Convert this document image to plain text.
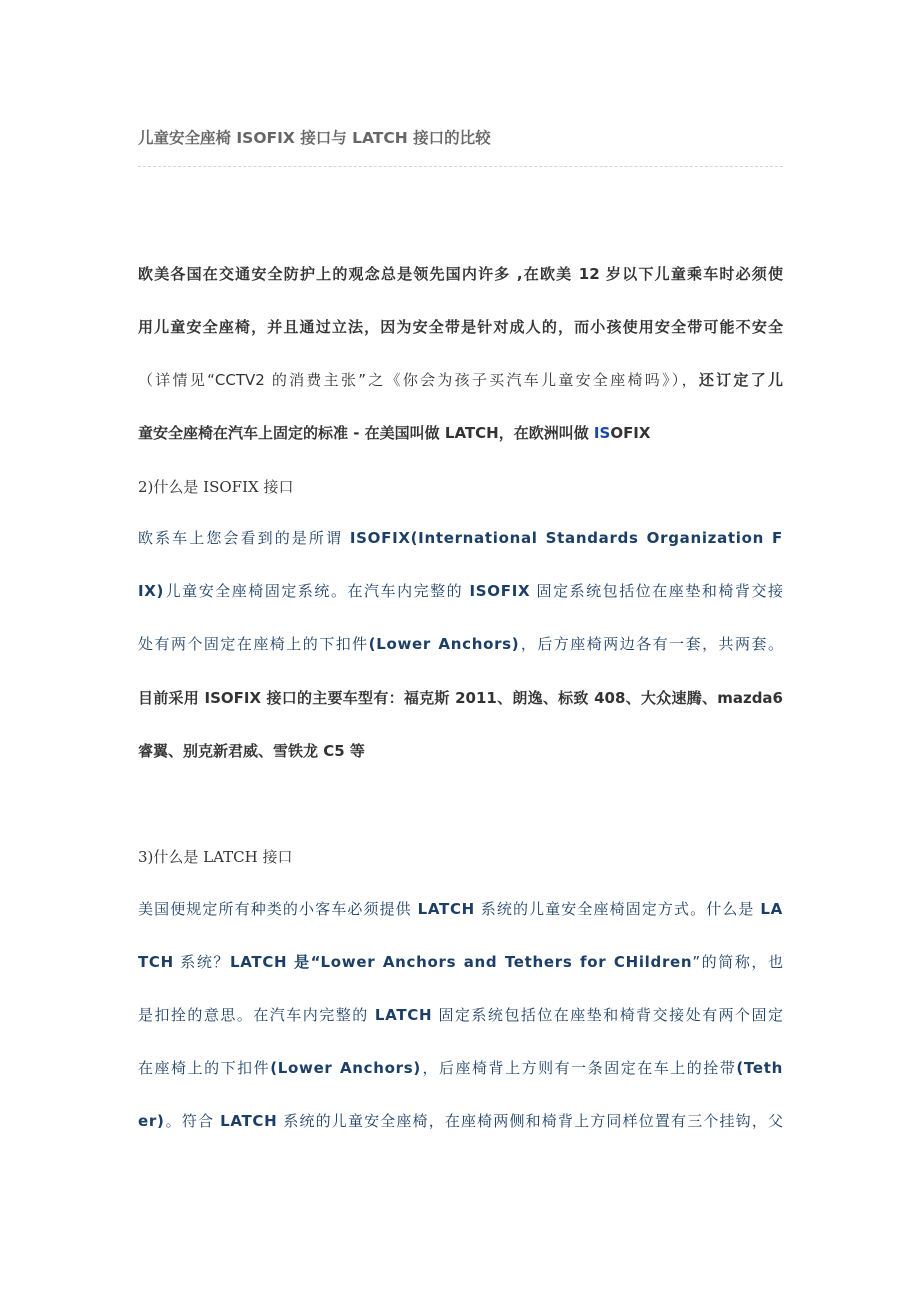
儿童安全座椅 ISOFIX 接口与 LATCH 接口的比较
欧美各国在交通安全防护上的观念总是领先国内许多 ,在欧美 12 岁以下儿童乘车时必须使
用儿童安全座椅，并且通过立法，因为安全带是针对成人的，而小孩使用安全带可能不安全
（详情见“CCTV2 的消费主张”之《你会为孩子买汽车儿童安全座椅吗》），还订定了儿
童安全座椅在汽车上固定的标准 - 在美国叫做 LATCH，在欧洲叫做 ISOFIX
2)什么是 ISOFIX 接口
欧系车上您会看到的是所谓 ISOFIX(International Standards Organization F
IX)儿童安全座椅固定系统。在汽车内完整的 ISOFIX 固定系统包括位在座垫和椅背交接
处有两个固定在座椅上的下扣件(Lower Anchors)，后方座椅两边各有一套，共两套。
目前采用 ISOFIX 接口的主要车型有：福克斯 2011、朗逸、标致 408、大众速腾、mazda6
睿翼、别克新君威、雪铁龙 C5 等
3)什么是 LATCH 接口
美国便规定所有种类的小客车必须提供 LATCH 系统的儿童安全座椅固定方式。什么是 LA
TCH 系统？LATCH 是“Lower Anchors and Tethers for CHildren”的简称，也
是扣拴的意思。在汽车内完整的 LATCH 固定系统包括位在座垫和椅背交接处有两个固定
在座椅上的下扣件(Lower Anchors)，后座椅背上方则有一条固定在车上的拴带(Teth
er)。符合 LATCH 系统的儿童安全座椅，在座椅两侧和椅背上方同样位置有三个挂钩，父
